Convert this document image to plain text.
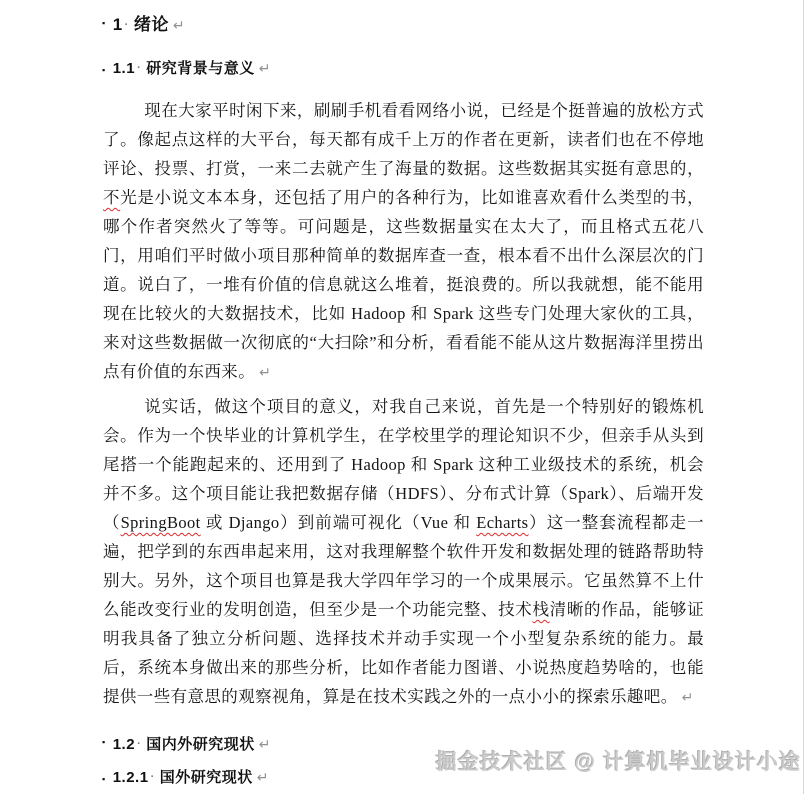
▪ 1 · 绪论 ↵
▪ 1.1 · 研究背景与意义 ↵
现在大家平时闲下来，刷刷手机看看网络小说，已经是个挺普遍的放松方式了。像起点这样的大平台，每天都有成千上万的作者在更新，读者们也在不停地评论、投票、打赏，一来二去就产生了海量的数据。这些数据其实挺有意思的，不光是小说文本本身，还包括了用户的各种行为，比如谁喜欢看什么类型的书，哪个作者突然火了等等。可问题是，这些数据量实在太大了，而且格式五花八门，用咱们平时做小项目那种简单的数据库查一查，根本看不出什么深层次的门道。说白了，一堆有价值的信息就这么堆着，挺浪费的。所以我就想，能不能用现在比较火的大数据技术，比如 Hadoop 和 Spark 这些专门处理大家伙的工具，来对这些数据做一次彻底的“大扫除”和分析，看看能不能从这片数据海洋里捞出点有价值的东西来。 ↵
说实话，做这个项目的意义，对我自己来说，首先是一个特别好的锻炼机会。作为一个快毕业的计算机学生，在学校里学的理论知识不少，但亲手从头到尾搭一个能跑起来的、还用到了 Hadoop 和 Spark 这种工业级技术的系统，机会并不多。这个项目能让我把数据存储（HDFS）、分布式计算（Spark）、后端开发（SpringBoot 或 Django）到前端可视化（Vue 和 Echarts）这一整套流程都走一遍，把学到的东西串起来用，这对我理解整个软件开发和数据处理的链路帮助特别大。另外，这个项目也算是我大学四年学习的一个成果展示。它虽然算不上什么能改变行业的发明创造，但至少是一个功能完整、技术栈清晰的作品，能够证明我具备了独立分析问题、选择技术并动手实现一个小型复杂系统的能力。最后，系统本身做出来的那些分析，比如作者能力图谱、小说热度趋势啥的，也能提供一些有意思的观察视角，算是在技术实践之外的一点小小的探索乐趣吧。 ↵
▪ 1.2 · 国内外研究现状 ↵
▪ 1.2.1 · 国外研究现状 ↵
掘金技术社区 @ 计算机毕业设计小途
